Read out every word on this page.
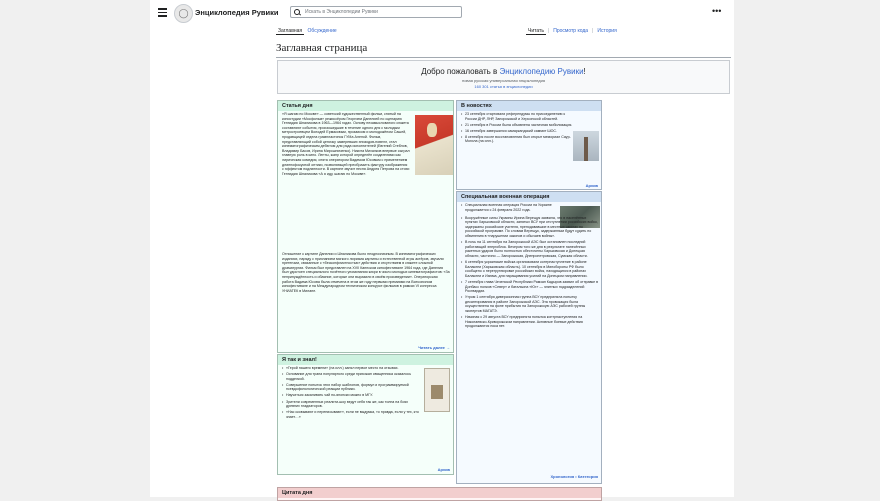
◯ Энциклопедия Рувики	Искать в Энциклопедии Рувики	•••
Заглавная Обсуждение	Читать | Просмотр кода | История
Заглавная страница
Добро пожаловать в Энциклопедию Рувики!
новая русская универсальная энциклопедия
160 301 статья в энциклопедии
Статья дня

«Я шагаю по Москве» — советский художественный фильм, снятый на киностудии «Мосфильм» режиссёром Георгием Данелией по сценарию Геннадия Шпаликова в 1963—1964 годах. Основу незамысловатого сюжета составляют события, произошедшие в течение одного дня с молодым метростроевцем Володей Ермаковым, прозаиком и молодожёном Сашей, продавщицей отдела грампластинок ГУМа Аленой. Фильм, представляющий собой цепочку замеревших эпизодов-новелл, стал кинематографическим дебютом для ряда исполнителей (Евгений Стеблов, Владимир Басов, Ирина Мирошниченко). Никита Михалков впервые сыграл главную роль в кино. Ленты, жанр которой определён создателями как лирическая комедия, снята оператором Вадимом Юсовым с применением длиннофокусной оптики, позволяющей преобразить фактуру изображения с эффектом подлинности. В картине звучит песня Андрея Петрова на стихи Геннадия Шпаликова «А я иду, шагаю по Москве».

Отношение к картине Данелии и Шпаликова было неоднозначным. В кинематографических изданиях, наряду с признанием мягкого лиризма картины и естественной игры актёров, звучали претензии, связанные с «бесконфликтностью» действия и отсутствием в сюжете сложной драматургии. Фильм был представлен на XVII Каннском кинофестивале 1964 года, где Данелия был удостоен специального почётного упоминания жюри в число молодых кинематографистов: «За непринуждённость и обаяние, которые они выразили в своём произведении». Операторская работа Вадима Юсова была отмечена в этом же году первыми премиями на Всесоюзном кинофестивале и на Международном техническом конкурсе фильмов в рамках VI конгресса УНИАТЕК в Милане.

Читать далее →
Я так и знал!
• «Герой нашего времени» (на илл.) занял первое место на отзывах.
• Основание для трапа популярного среди прихожан священника оказалось подделкой.
• Совершение попыток этих набор шаблонов, формул и программируемой псевдофилологической реакции публики.
• Научиться закаливать чай по-японски можно в МГУ.
• Зрители современных реалити-шоу ведут себя так же, как толпа на боях древних гладиаторов.
• «Нас сковывают и переписывают», если не выдумка, то правда, если у тех, кто знает…»
Архив
В новостях
• 23 сентября стартовали референдумы по присоединению к России ДНР, ЛНР, Запорожской и Херсонской областей.
• 21 сентября в России была объявлена частичная мобилизация.
• 16 сентября завершился самаркандский саммит ШОС.
• 8 сентября после восстановления был открыт мемориал Саур-Могила (на илл.).
Архив
Специальная военная операция
• Специальная военная операция России на Украине продолжается с 24 февраля 2022 года.
• Вооружённые силы Украины Ирина Верещук заявила, что в населённых пунктах Харьковской области, занятых ВСУ при отступлении российских войск, задержаны российские учителя, преподававшие в местных школах по российской программе. По словам Верещук, задержанным будут судить по обвинению в «нарушении законов и обычаев войны».
• В ночь на 11 сентября на Запорожской АЭС был остановлен последний работающий энергоблок. Вечером того же дня в результате нанесённых ракетных ударов было полностью обесточены Харьковская и Донецкая области, частично — Запорожская, Днепропетровская, Сумская области.
• 6 сентября украинские войска организовали контрнаступление в районе Балаклеи (Харьковская область). 10 сентября в Минобороны РФ было сообщено о перегруппировке российских войск, находящихся в районах Балаклеи и Изюма, для наращивания усилий на Донецком направлении.
• 7 сентября глава Чеченской Республики Рамзан Кадыров заявил об отправке в Донбасс полков «Север» и батальона «Юг» — элитных подразделений Росгвардии.
• Утром 1 сентября диверсионная группа ВСУ предприняла попытку десантирования в районе Запорожской АЭС. Эта провокация была осуществлена на фоне прибытия на Запорожскую АЭС рабочей группы экспертов МАГАТЭ.
• Начиная с 29 августа ВСУ предпринята попытка контрнаступления на Николаевско-Криворожском направлении. Активные боевые действия продолжаются пока нет.
Хронология • Категория
Цитата дня
